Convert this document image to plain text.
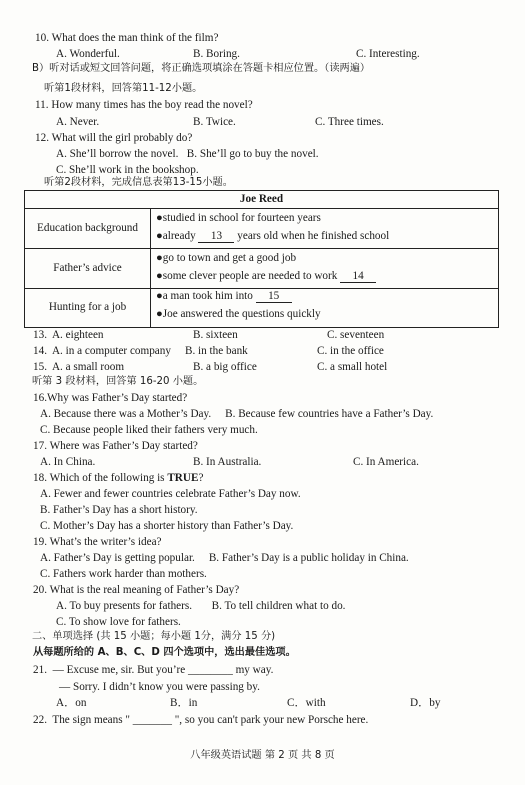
10. What does the man think of the film?
A. Wonderful.	B. Boring.	C. Interesting.
B）听对话或短文回答问题，将正确选项填涂在答题卡相应位置。（读两遍）
听第1段材料，回答第11-12小题。
11. How many times has the boy read the novel?
A. Never.	B. Twice.	C. Three times.
12. What will the girl probably do?
A. She’ll borrow the novel.   B. She’ll go to buy the novel.
C. She’ll work in the bookshop.
听第2段材料，完成信息表第13-15小题。
Joe Reed
Education background
●studied in school for fourteen years
●already 13 years old when he finished school
Father’s advice
●go to town and get a good job
●some clever people are needed to work 14
Hunting for a job
●a man took him into 15
●Joe answered the questions quickly
13.  A. eighteen	B. sixteen	C. seventeen
14.  A. in a computer company B. in the bank	C. in the office
15.  A. a small room	B. a big office	C. a small hotel
听第 3 段材料，回答第 16-20 小题。
16.Why was Father’s Day started?
A. Because there was a Mother’s Day.     B. Because few countries have a Father’s Day.
C. Because people liked their fathers very much.
17. Where was Father’s Day started?
A. In China.	B. In Australia.	C. In America.
18. Which of the following is TRUE?
A. Fewer and fewer countries celebrate Father’s Day now.
B. Father’s Day has a short history.
C. Mother’s Day has a shorter history than Father’s Day.
19. What’s the writer’s idea?
A. Father’s Day is getting popular.     B. Father’s Day is a public holiday in China.
C. Fathers work harder than mothers.
20. What is the real meaning of Father’s Day?
A. To buy presents for fathers.       B. To tell children what to do.
C. To show love for fathers.
二、单项选择 (共 15 小题；每小题 1分，满分 15 分)
从每题所给的 A、B、C、D 四个选项中，选出最佳选项。
21.  — Excuse me, sir. But you’re ________ my way.
— Sorry. I didn’t know you were passing by.
A．on	B．in	C．with	D．by
22.  The sign means " _______ ", so you can't park your new Porsche here.
八年级英语试题 第 2 页 共 8 页
